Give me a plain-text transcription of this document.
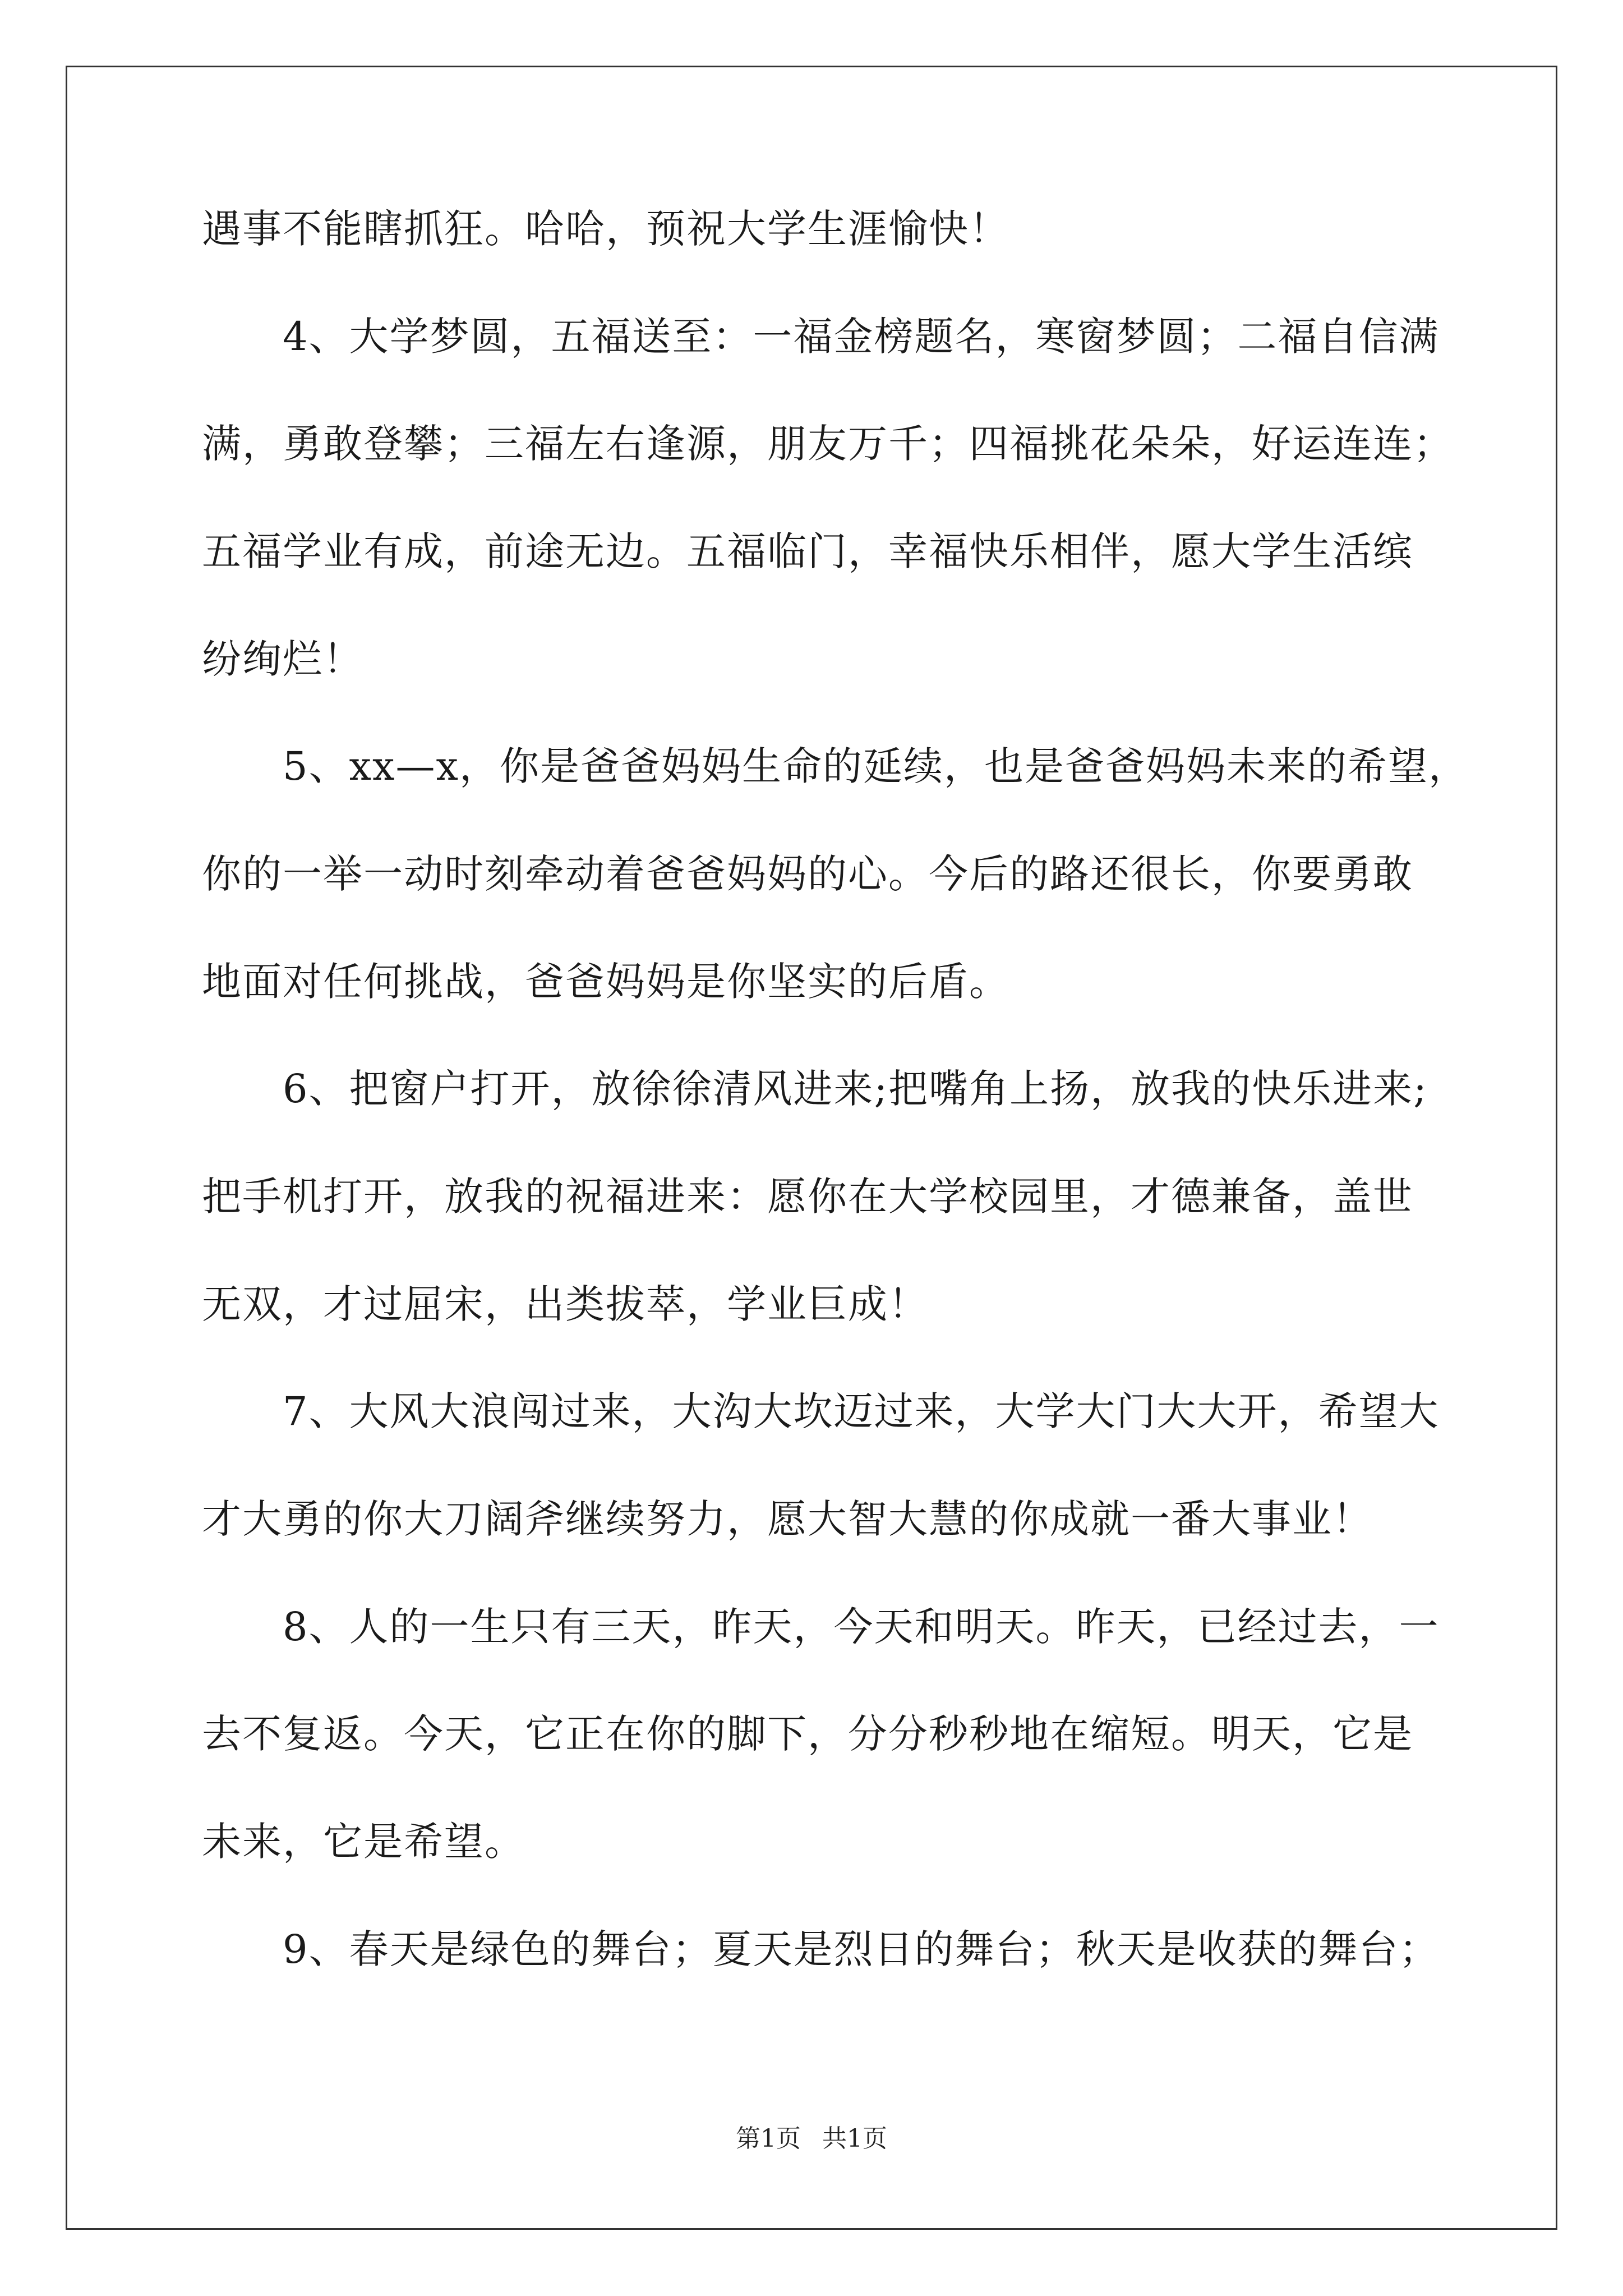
遇事不能瞎抓狂。哈哈，预祝大学生涯愉快！
　　4、大学梦圆，五福送至：一福金榜题名，寒窗梦圆；二福自信满
满，勇敢登攀；三福左右逢源，朋友万千；四福挑花朵朵，好运连连；
五福学业有成，前途无边。五福临门，幸福快乐相伴，愿大学生活缤
纷绚烂！
　　5、xx—x，你是爸爸妈妈生命的延续，也是爸爸妈妈未来的希望，
你的一举一动时刻牵动着爸爸妈妈的心。今后的路还很长，你要勇敢
地面对任何挑战，爸爸妈妈是你坚实的后盾。
　　6、把窗户打开，放徐徐清风进来;把嘴角上扬，放我的快乐进来;
把手机打开，放我的祝福进来：愿你在大学校园里，才德兼备，盖世
无双，才过屈宋，出类拔萃，学业巨成！
　　7、大风大浪闯过来，大沟大坎迈过来，大学大门大大开，希望大
才大勇的你大刀阔斧继续努力，愿大智大慧的你成就一番大事业！
　　8、人的一生只有三天，昨天，今天和明天。昨天，已经过去，一
去不复返。今天，它正在你的脚下，分分秒秒地在缩短。明天，它是
未来，它是希望。
　　9、春天是绿色的舞台；夏天是烈日的舞台；秋天是收获的舞台；
第1页 共1页
